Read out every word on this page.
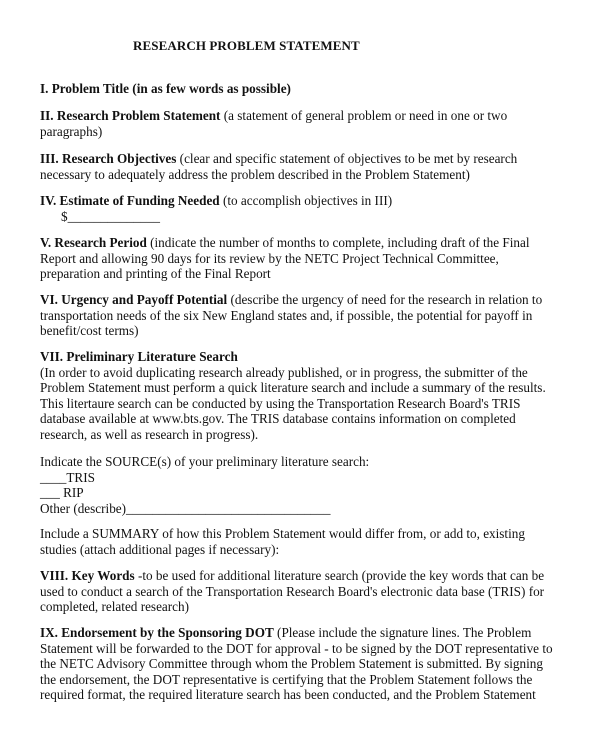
RESEARCH PROBLEM STATEMENT
I. Problem Title (in as few words as possible)
II. Research Problem Statement (a statement of general problem or need in one or two
paragraphs)
III. Research Objectives (clear and specific statement of objectives to be met by research
necessary to adequately address the problem described in the Problem Statement)
IV. Estimate of Funding Needed (to accomplish objectives in III)
$______________
V. Research Period (indicate the number of months to complete, including draft of the Final
Report and allowing 90 days for its review by the NETC Project Technical Committee,
preparation and printing of the Final Report
VI. Urgency and Payoff Potential (describe the urgency of need for the research in relation to
transportation needs of the six New England states and, if possible, the potential for payoff in
benefit/cost terms)
VII. Preliminary Literature Search
(In order to avoid duplicating research already published, or in progress, the submitter of the
Problem Statement must perform a quick literature search and include a summary of the results.
This litertaure search can be conducted by using the Transportation Research Board's TRIS
database available at www.bts.gov. The TRIS database contains information on completed
research, as well as research in progress).
Indicate the SOURCE(s) of your preliminary literature search:
____TRIS
___ RIP
Other (describe)_______________________________
Include a SUMMARY of how this Problem Statement would differ from, or add to, existing
studies (attach additional pages if necessary):
VIII. Key Words -to be used for additional literature search (provide the key words that can be
used to conduct a search of the Transportation Research Board's electronic data base (TRIS) for
completed, related research)
IX. Endorsement by the Sponsoring DOT (Please include the signature lines. The Problem
Statement will be forwarded to the DOT for approval - to be signed by the DOT representative to
the NETC Advisory Committee through whom the Problem Statement is submitted. By signing
the endorsement, the DOT representative is certifying that the Problem Statement follows the
required format, the required literature search has been conducted, and the Problem Statement
